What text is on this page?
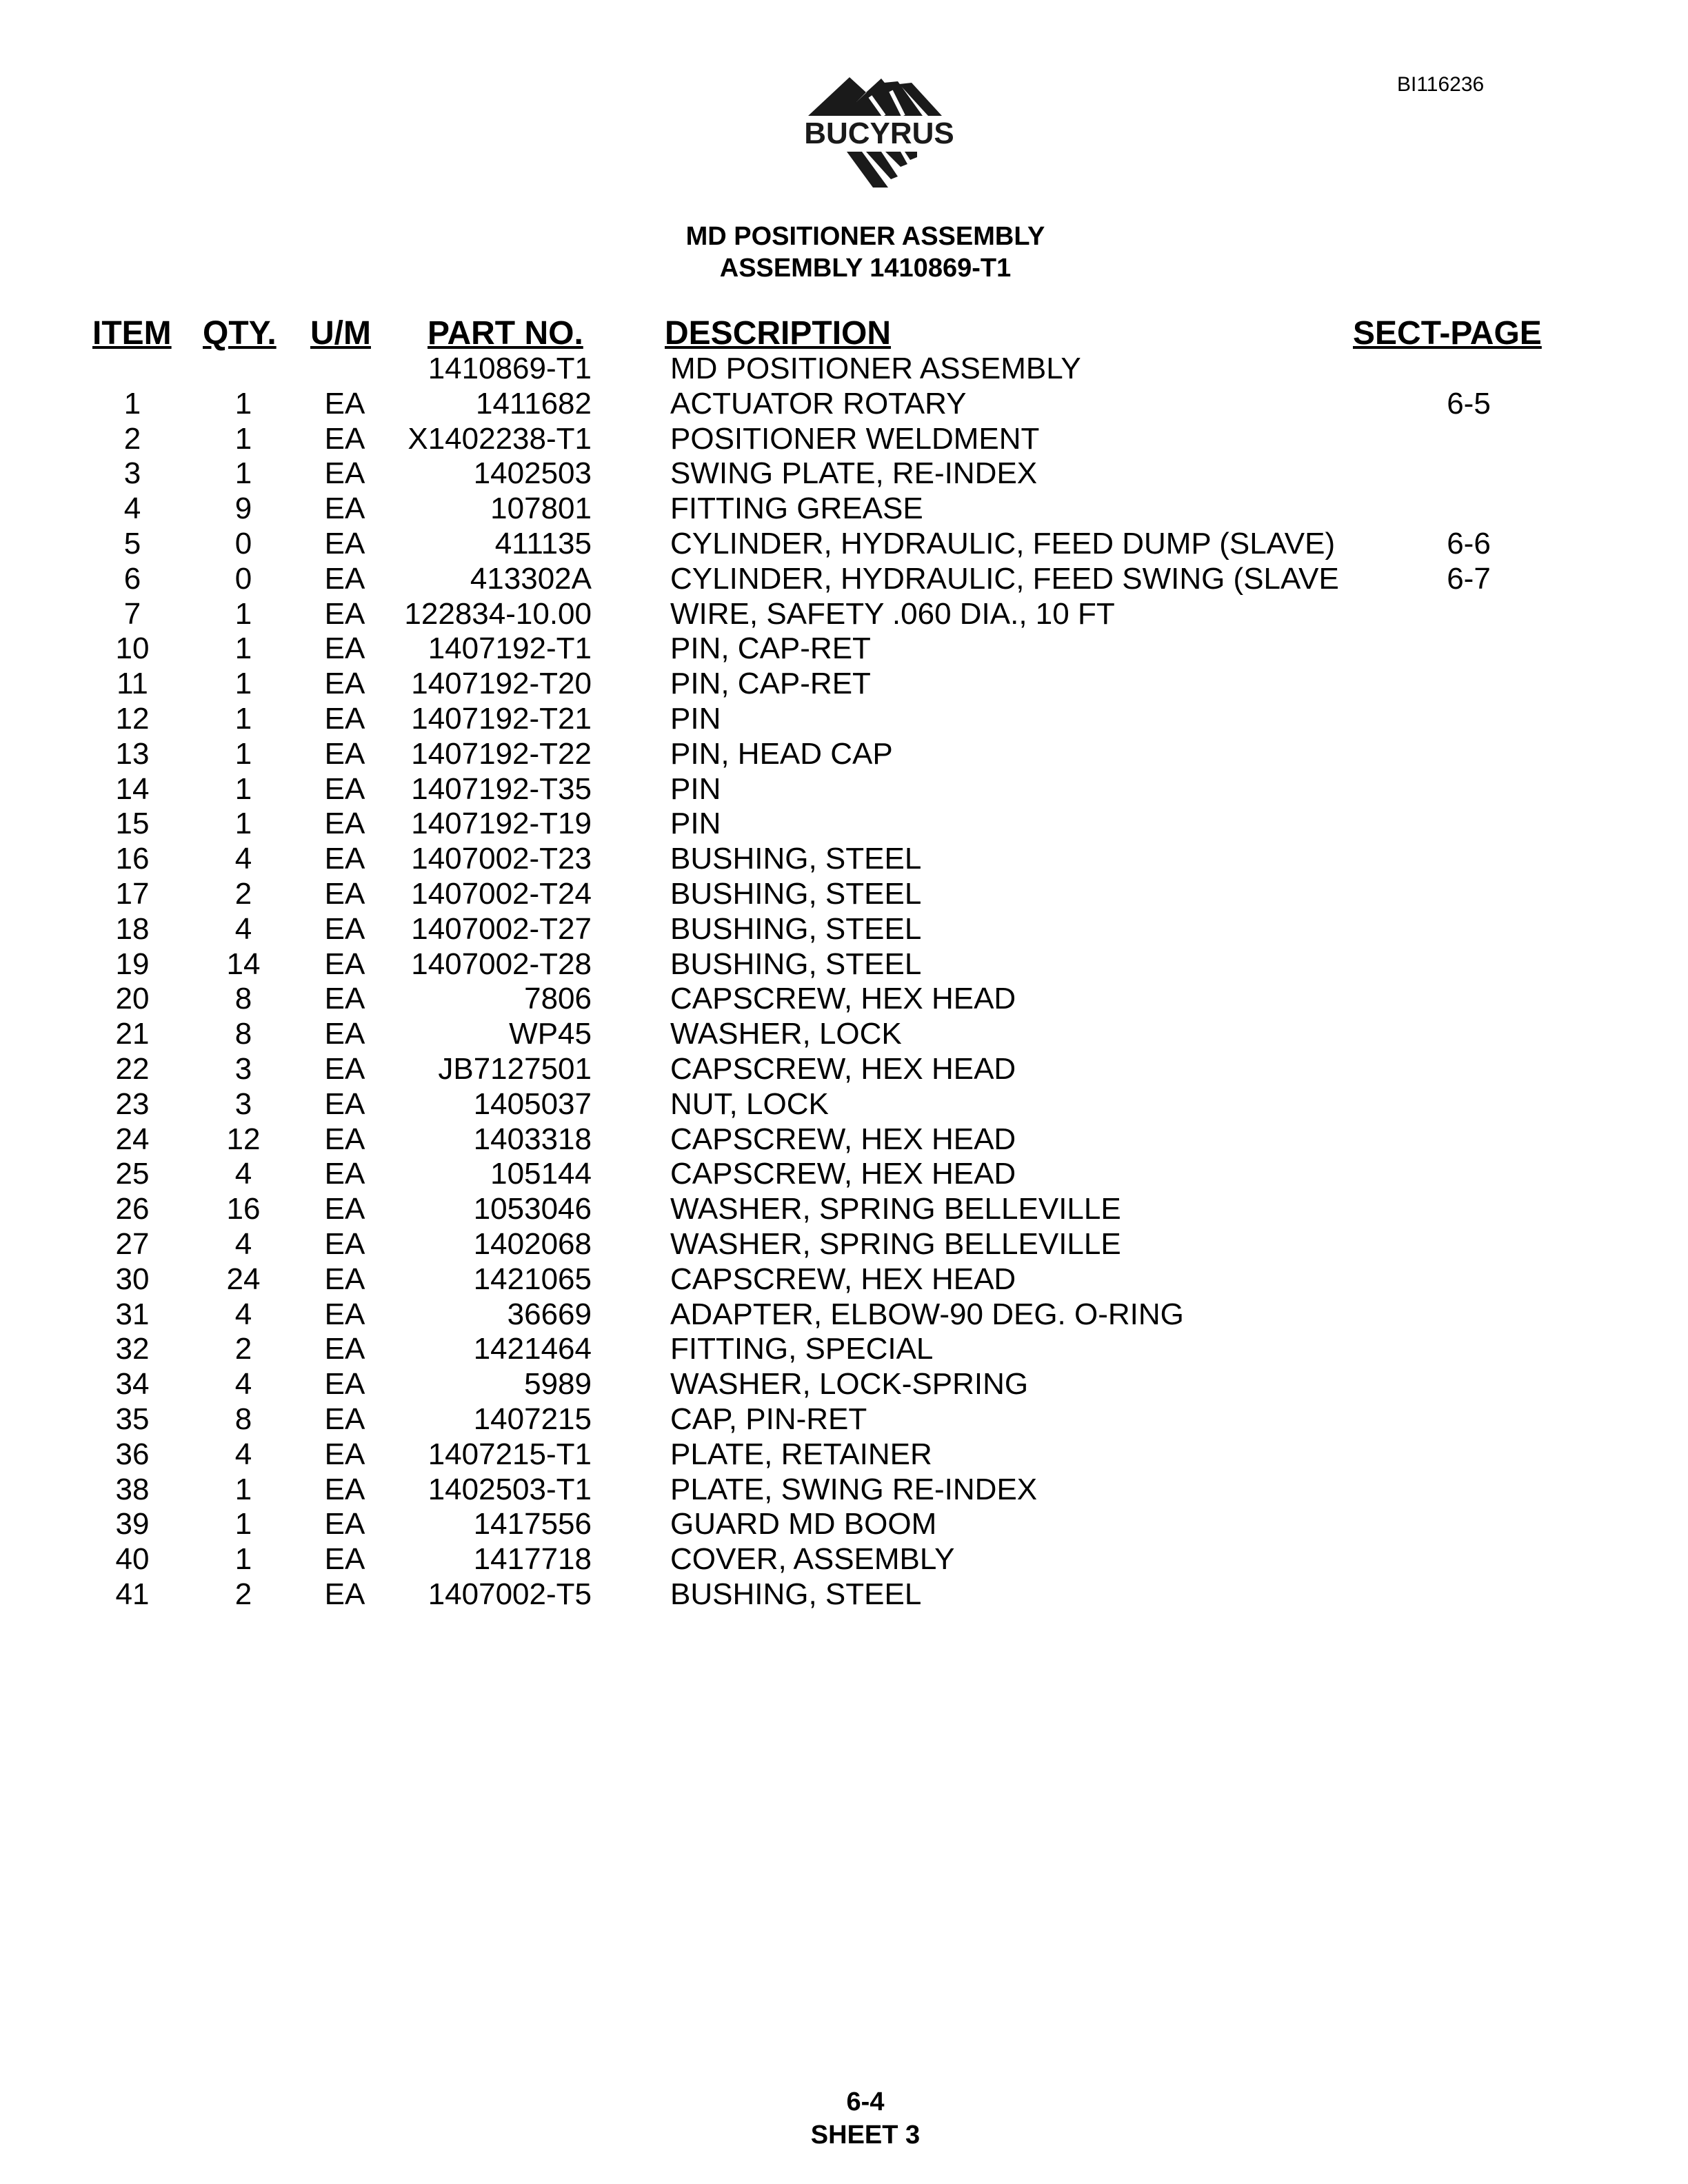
BI116236
BUCYRUS
MD POSITIONER ASSEMBLY
ASSEMBLY 1410869-T1
ITEM QTY. U/M PART NO. DESCRIPTION	SECT-PAGE
1410869-T1	MD POSITIONER ASSEMBLY
1	1	EA	1411682	ACTUATOR ROTARY	6-5
2	1	EA	X1402238-T1	POSITIONER WELDMENT
3	1	EA	1402503	SWING PLATE, RE-INDEX
4	9	EA	107801	FITTING GREASE
5	0	EA	411135	CYLINDER, HYDRAULIC, FEED DUMP (SLAVE)	6-6
6	0	EA	413302A	CYLINDER, HYDRAULIC, FEED SWING (SLAVE	6-7
7	1	EA	122834-10.00	WIRE, SAFETY .060 DIA., 10 FT
10	1	EA	1407192-T1	PIN, CAP-RET
11	1	EA	1407192-T20	PIN, CAP-RET
12	1	EA	1407192-T21	PIN
13	1	EA	1407192-T22	PIN, HEAD CAP
14	1	EA	1407192-T35	PIN
15	1	EA	1407192-T19	PIN
16	4	EA	1407002-T23	BUSHING, STEEL
17	2	EA	1407002-T24	BUSHING, STEEL
18	4	EA	1407002-T27	BUSHING, STEEL
19	14	EA	1407002-T28	BUSHING, STEEL
20	8	EA	7806	CAPSCREW, HEX HEAD
21	8	EA	WP45	WASHER, LOCK
22	3	EA	JB7127501	CAPSCREW, HEX HEAD
23	3	EA	1405037	NUT, LOCK
24	12	EA	1403318	CAPSCREW, HEX HEAD
25	4	EA	105144	CAPSCREW, HEX HEAD
26	16	EA	1053046	WASHER, SPRING BELLEVILLE
27	4	EA	1402068	WASHER, SPRING BELLEVILLE
30	24	EA	1421065	CAPSCREW, HEX HEAD
31	4	EA	36669	ADAPTER, ELBOW-90 DEG. O-RING
32	2	EA	1421464	FITTING, SPECIAL
34	4	EA	5989	WASHER, LOCK-SPRING
35	8	EA	1407215	CAP, PIN-RET
36	4	EA	1407215-T1	PLATE, RETAINER
38	1	EA	1402503-T1	PLATE, SWING RE-INDEX
39	1	EA	1417556	GUARD MD BOOM
40	1	EA	1417718	COVER, ASSEMBLY
41	2	EA	1407002-T5	BUSHING, STEEL
6-4
SHEET 3
